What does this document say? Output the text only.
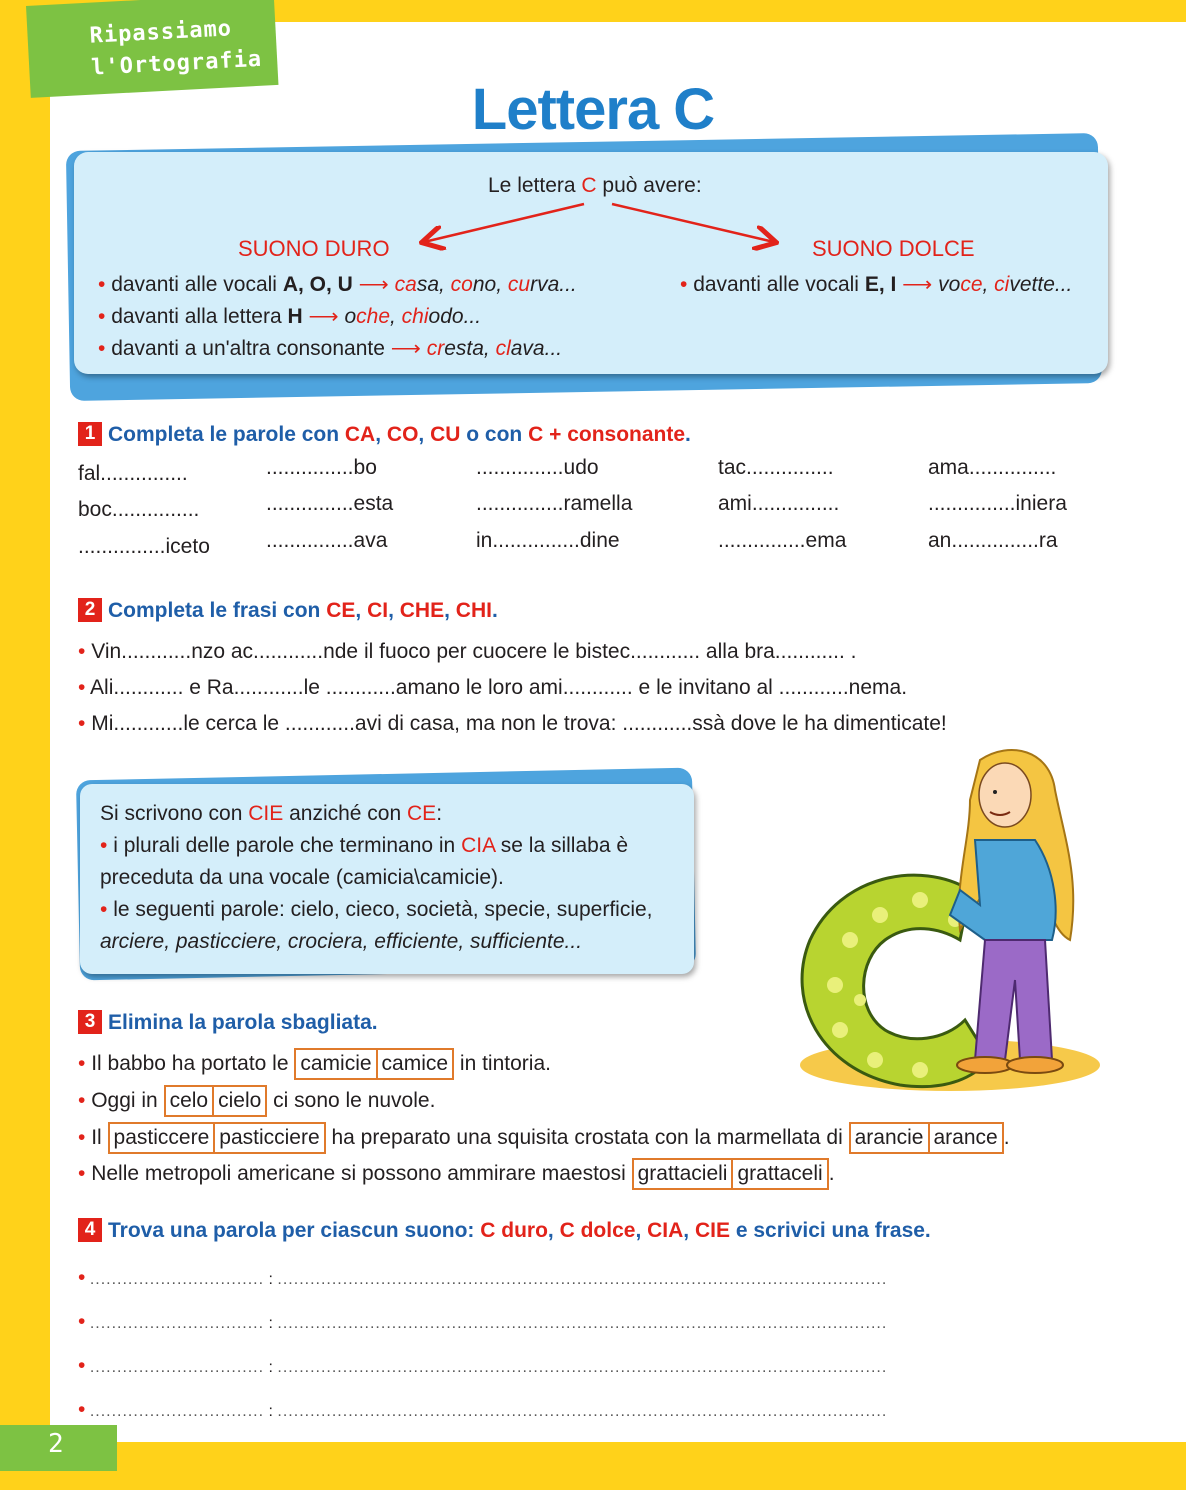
Ripassiamo
l'Ortografia
Lettera C
Le lettera C può avere:
SUONO DURO	SUONO DOLCE
• davanti alle vocali A, O, U ⟶ casa, cono, curva...
• davanti alla lettera H ⟶ oche, chiodo...
• davanti a un'altra consonante ⟶ cresta, clava...
• davanti alle vocali E, I ⟶ voce, civette...
1 Completa le parole con CA, CO, CU o con C + consonante.
fal...............	...............bo	...............udo	tac...............	ama...............
boc...............	...............esta	...............ramella	ami...............	...............iniera
...............iceto	...............ava	in...............dine	...............ema	an...............ra
2 Completa le frasi con CE, CI, CHE, CHI.
• Vin............nzo ac............nde il fuoco per cuocere le bistec............ alla bra............ .
• Ali............ e Ra............le ............amano le loro ami............ e le invitano al ............nema.
• Mi............le cerca le ............avi di casa, ma non le trova: ............ssà dove le ha dimenticate!
Si scrivono con CIE anziché con CE:
• i plurali delle parole che terminano in CIA se la sillaba è
preceduta da una vocale (camicia\camicie).
• le seguenti parole: cielo, cieco, società, specie, superficie,
arciere, pasticciere, crociera, efficiente, sufficiente...
3 Elimina la parola sbagliata.
• Il babbo ha portato le camicie camice in tintoria.
• Oggi in celo cielo ci sono le nuvole.
• Il pasticcere pasticciere ha preparato una squisita crostata con la marmellata di arancie arance .
• Nelle metropoli americane si possono ammirare maestosi grattacieli grattaceli .
4 Trova una parola per ciascun suono: C duro, C dolce, CIA, CIE e scrivici una frase.
• ................................ : ................................................................................................................
• ................................ : ................................................................................................................
• ................................ : ................................................................................................................
• ................................ : ................................................................................................................
2
